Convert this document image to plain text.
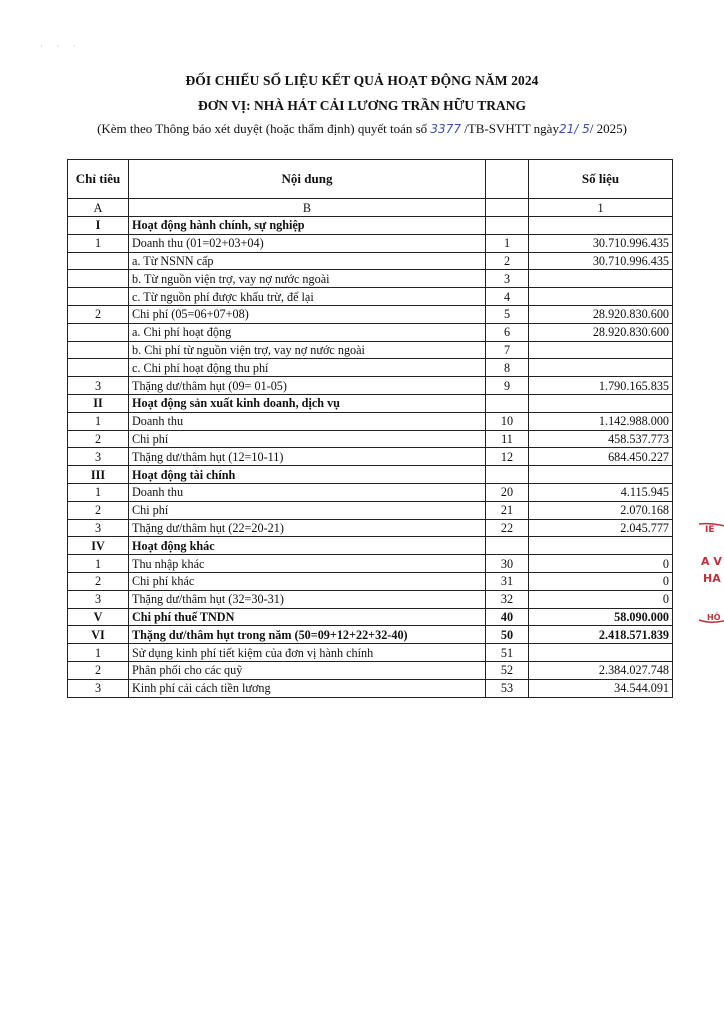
· · ·
ĐỐI CHIẾU SỐ LIỆU KẾT QUẢ HOẠT ĐỘNG NĂM 2024
ĐƠN VỊ: NHÀ HÁT CẢI LƯƠNG TRẦN HỮU TRANG
(Kèm theo Thông báo xét duyệt (hoặc thẩm định) quyết toán số 3377 /TB-SVHTT ngày21/ 5/ 2025)
Chỉ tiêu	Nội dung		Số liệu
A	B		1
I	Hoạt động hành chính, sự nghiệp		
1	Doanh thu (01=02+03+04)	1	30.710.996.435
	a. Từ NSNN cấp	2	30.710.996.435
	b. Từ nguồn viện trợ, vay nợ nước ngoài	3	
	c. Từ nguồn phí được khấu trừ, để lại	4	
2	Chi phí (05=06+07+08)	5	28.920.830.600
	a. Chi phí hoạt động	6	28.920.830.600
	b. Chi phí từ nguồn viện trợ, vay nợ nước ngoài	7	
	c. Chi phí hoạt động thu phí	8	
3	Thặng dư/thâm hụt (09= 01-05)	9	1.790.165.835
II	Hoạt động sản xuất kinh doanh, dịch vụ		
1	Doanh thu	10	1.142.988.000
2	Chi phí	11	458.537.773
3	Thặng dư/thâm hụt (12=10-11)	12	684.450.227
III	Hoạt động tài chính		
1	Doanh thu	20	4.115.945
2	Chi phí	21	2.070.168
3	Thặng dư/thâm hụt (22=20-21)	22	2.045.777
IV	Hoạt động khác		
1	Thu nhập khác	30	0
2	Chi phí khác	31	0
3	Thặng dư/thâm hụt (32=30-31)	32	0
V	Chi phí thuế TNDN	40	58.090.000
VI	Thặng dư/thâm hụt trong năm (50=09+12+22+32-40)	50	2.418.571.839
1	Sử dụng kinh phí tiết kiệm của đơn vị hành chính	51	
2	Phân phối cho các quỹ	52	2.384.027.748
3	Kinh phí cải cách tiền lương	53	34.544.091
IÊ
A V
HA
HÔ
